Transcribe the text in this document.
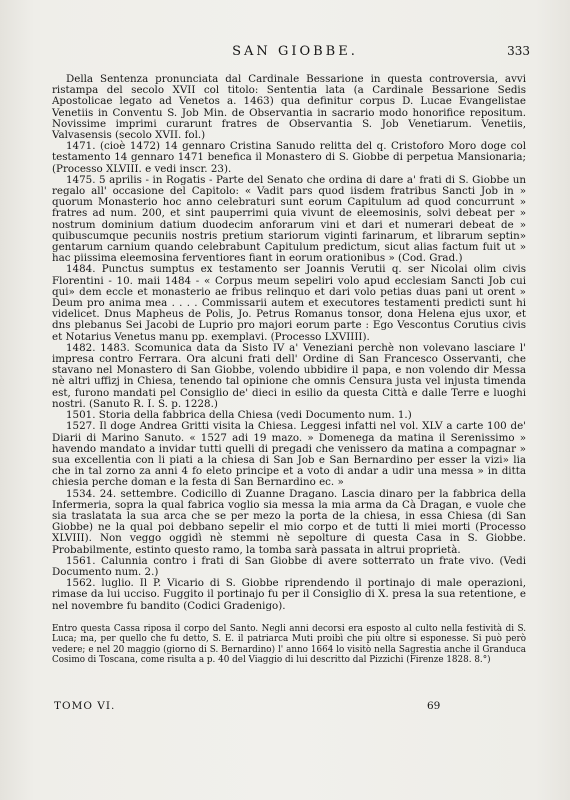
SAN GIOBBE.	333

Della Sentenza pronunciata dal Cardinale Bessarione in questa controversia, avvi ristampa del secolo XVII col titolo: Sententia lata (a Cardinale Bessarione Sedis Apostolicae legato ad Venetos a. 1463) qua definitur corpus D. Lucae Evangelistae Venetiis in Conventu S. Job Min. de Observantia in sacrario modo honorifice repositum. Novissime imprimi curarunt fratres de Observantia S. Job Venetiarum. Venetiis, Valvasensis (secolo XVII. fol.)

1471. (cioè 1472) 14 gennaro Cristina Sanudo relitta del q. Cristoforo Moro doge col testamento 14 gennaro 1471 benefica il Monastero di S. Giobbe di perpetua Mansionaria; (Processo XLVIII. e vedi inscr. 23).

1475. 5 aprilis - in Rogatis - Parte del Senato che ordina di dare a' frati di S. Giobbe un regalo all' occasione del Capitolo: « Vadit pars quod iisdem fratribus Sancti Job in » quorum Monasterio hoc anno celebraturi sunt eorum Capitulum ad quod concurrunt » fratres ad num. 200, et sint pauperrimi quia vivunt de eleemosinis, solvi debeat per » nostrum dominium datium duodecim anforarum vini et dari et numerari debeat de » quibuscumque pecuniis nostris pretium stariorum viginti farinarum, et librarum septin» gentarum carnium quando celebrabunt Capitulum predictum, sicut alias factum fuit ut » hac piissima eleemosina ferventiores fiant in eorum orationibus » (Cod. Grad.)

1484. Punctus sumptus ex testamento ser Joannis Verutii q. ser Nicolai olim civis Florentini - 10. maii 1484 - « Corpus meum sepeliri volo apud ecclesiam Sancti Job cui qui» dem eccle et monasterio ae fribus relinquo et dari volo petias duas pani ut orent » Deum pro anima mea . . . . Commissarii autem et executores testamenti predicti sunt hi videlicet. Dnus Mapheus de Polis, Jo. Petrus Romanus tonsor, dona Helena ejus uxor, et dns plebanus Sei Jacobi de Luprio pro majori eorum parte : Ego Vescontus Corutius civis et Notarius Venetus manu pp. exemplavi. (Processo LXVIIII).

1482. 1483. Scomunica data da Sisto IV a' Veneziani perchè non volevano lasciare l' impresa contro Ferrara. Ora alcuni frati dell' Ordine di San Francesco Osservanti, che stavano nel Monastero di San Giobbe, volendo ubbidire il papa, e non volendo dir Messa nè altri uffizj in Chiesa, tenendo tal opinione che omnis Censura justa vel injusta timenda est, furono mandati pel Consiglio de' dieci in esilio da questa Città e dalle Terre e luoghi nostri. (Sanuto R. I. S. p. 1228.)

1501. Storia della fabbrica della Chiesa (vedi Documento num. 1.)

1527. Il doge Andrea Gritti visita la Chiesa. Leggesi infatti nel vol. XLV a carte 100 de' Diarii di Marino Sanuto. « 1527 adi 19 mazo. » Domenega da matina il Serenissimo » havendo mandato a invidar tutti quelli di pregadi che venissero da matina a compagnar » sua excellentia con li piati a la chiesa di San Job e San Bernardino per esser la vizi» lia che in tal zorno za anni 4 fo eleto principe et a voto di andar a udir una messa » in ditta chiesia perche doman e la festa di San Bernardino ec. »

1534. 24. settembre. Codicillo di Zuanne Dragano. Lascia dinaro per la fabbrica della Infermeria, sopra la qual fabrica voglio sia messa la mia arma da Cà Dragan, e vuole che sia traslatata la sua arca che se per mezo la porta de la chiesa, in essa Chiesa (di San Giobbe) ne la qual poi debbano sepelir el mio corpo et de tutti li miei morti (Processo XLVIII). Non veggo oggidì nè stemmi nè sepolture di questa Casa in S. Giobbe. Probabilmente, estinto questo ramo, la tomba sarà passata in altrui proprietà.

1561. Calunnia contro i frati di San Giobbe di avere sotterrato un frate vivo. (Vedi Documento num. 2.)

1562. luglio. Il P. Vicario di S. Giobbe riprendendo il portinajo di male operazioni, rimase da lui ucciso. Fuggito il portinajo fu per il Consiglio di X. presa la sua retentione, e nel novembre fu bandito (Codici Gradenigo).

Entro questa Cassa riposa il corpo del Santo. Negli anni decorsi era esposto al culto nella festività di S. Luca; ma, per quello che fu detto, S. E. il patriarca Muti proibì che più oltre si esponesse. Si può però vedere; e nel 20 maggio (giorno di S. Bernardino) l' anno 1664 lo visitò nella Sagrestia anche il Granduca Cosimo di Toscana, come risulta a p. 40 del Viaggio di lui descritto dal Pizzichi (Firenze 1828. 8.°)

TOMO VI.	69
